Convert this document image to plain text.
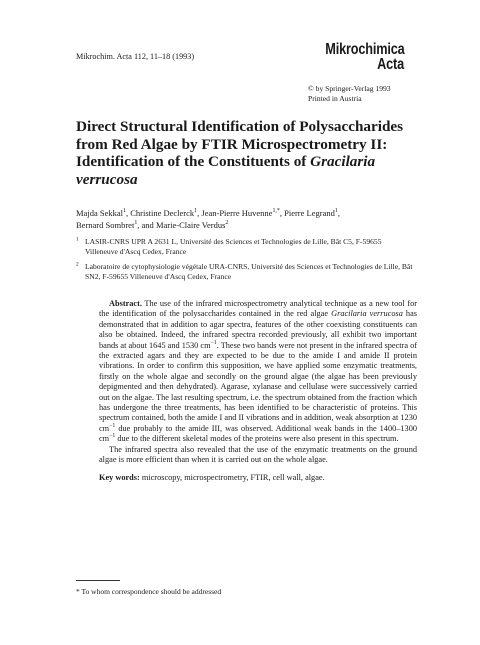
Mikrochim. Acta 112, 11–18 (1993)	Mikrochimica
Acta
© by Springer-Verlag 1993
Printed in Austria
Direct Structural Identification of Polysaccharides from Red Algae by FTIR Microspectrometry II: Identification of the Constituents of Gracilaria verrucosa
Majda Sekkal$^1$, Christine Declerck$^1$, Jean-Pierre Huvenne$^{1,*}$, Pierre Legrand$^1$,
Bernard Sombret$^1$, and Marie-Claire Verdus$^2$
$^1$ LASIR-CNRS UPR A 2631 L, Université des Sciences et Technologies de Lille, Bât C5, F-59655 Villeneuve d'Ascq Cedex, France
$^2$ Laboratoire de cytophysiologie végétale URA-CNRS, Université des Sciences et Technologies de Lille, Bât SN2, F-59655 Villeneuve d'Ascq Cedex, France

Abstract. The use of the infrared microspectrometry analytical technique as a new tool for the identification of the polysaccharides contained in the red algae Gracilaria verrucosa has demonstrated that in addition to agar spectra, features of the other coexisting constituents can also be obtained. Indeed, the infrared spectra recorded previously, all exhibit two important bands at about 1645 and 1530 $cm^{-1}$. These two bands were not present in the infrared spectra of the extracted agars and they are expected to be due to the amide I and amide II protein vibrations. In order to confirm this supposition, we have applied some enzymatic treatments, firstly on the whole algae and secondly on the ground algae (the algae has been previously depigmented and then dehydrated). Agarase, xylanase and cellulase were successively carried out on the algae. The last resulting spectrum, i.e. the spectrum obtained from the fraction which has undergone the three treatments, has been identified to be characteristic of proteins. This spectrum contained, both the amide I and II vibrations and in addition, weak absorption at 1230 $cm^{-1}$ due probably to the amide III, was observed. Additional weak bands in the 1400–1300 $cm^{-1}$ due to the different skeletal modes of the proteins were also present in this spectrum.

The infrared spectra also revealed that the use of the enzymatic treatments on the ground algae is more efficient than when it is carried out on the whole algae.

Key words: microscopy, microspectrometry, FTIR, cell wall, algae.

* To whom correspondence should be addressed
